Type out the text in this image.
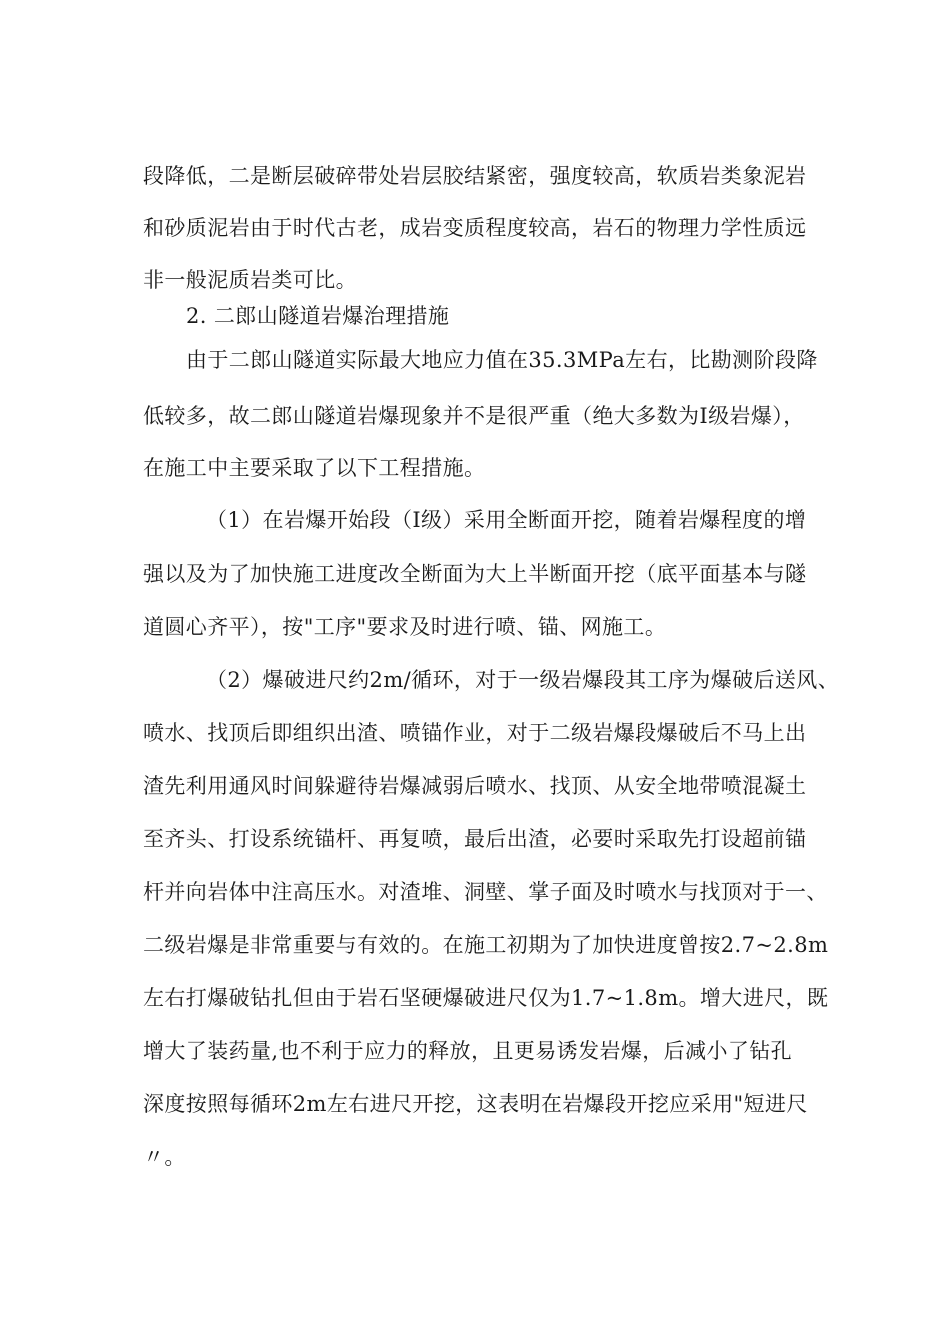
段降低，二是断层破碎带处岩层胶结紧密，强度较高，软质岩类象泥岩
和砂质泥岩由于时代古老，成岩变质程度较高，岩石的物理力学性质远
非一般泥质岩类可比。
2. 二郎山隧道岩爆治理措施
由于二郎山隧道实际最大地应力值在35.3MPa左右，比勘测阶段降
低较多，故二郎山隧道岩爆现象并不是很严重（绝大多数为Ⅰ级岩爆），
在施工中主要采取了以下工程措施。
（1）在岩爆开始段（Ⅰ级）采用全断面开挖，随着岩爆程度的增
强以及为了加快施工进度改全断面为大上半断面开挖（底平面基本与隧
道圆心齐平），按"工序"要求及时进行喷、锚、网施工。
（2）爆破进尺约2m/循环，对于一级岩爆段其工序为爆破后送风、
喷水、找顶后即组织出渣、喷锚作业，对于二级岩爆段爆破后不马上出
渣先利用通风时间躲避待岩爆减弱后喷水、找顶、从安全地带喷混凝土
至齐头、打设系统锚杆、再复喷，最后出渣，必要时采取先打设超前锚
杆并向岩体中注高压水。对渣堆、洞壁、掌子面及时喷水与找顶对于一、
二级岩爆是非常重要与有效的。在施工初期为了加快进度曾按2.7~2.8m
左右打爆破钻扎但由于岩石坚硬爆破进尺仅为1.7~1.8m。增大进尺，既
增大了装药量,也不利于应力的释放，且更易诱发岩爆，后减小了钻孔
深度按照每循环2m左右进尺开挖，这表明在岩爆段开挖应采用"短进尺
〃。
